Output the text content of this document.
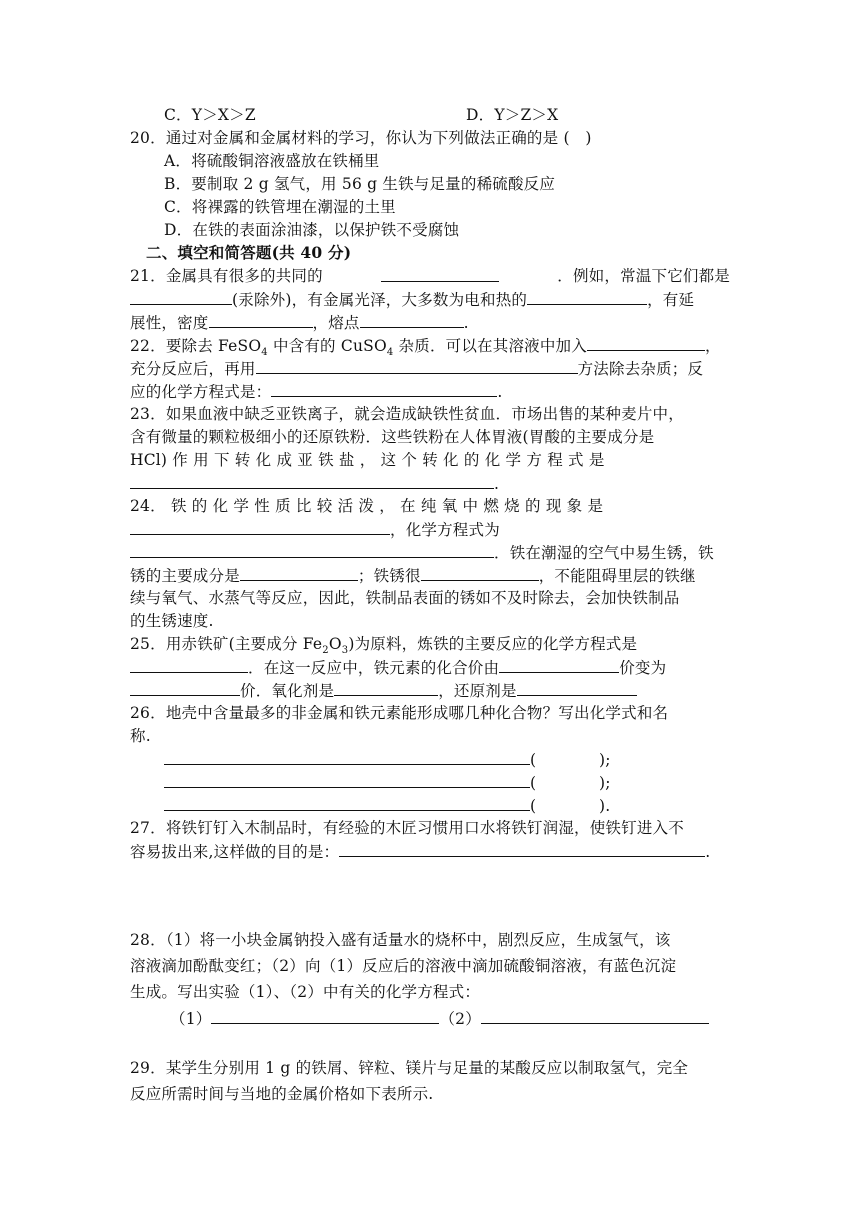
C．Y＞X＞Z	D．Y＞Z＞X
20．通过对金属和金属材料的学习，你认为下列做法正确的是 (　)
A．将硫酸铜溶液盛放在铁桶里
B．要制取 2 g 氢气，用 56 g 生铁与足量的稀硫酸反应
C．将裸露的铁管埋在潮湿的土里
D．在铁的表面涂油漆，以保护铁不受腐蚀
二、填空和简答题(共 40 分)
21．金属具有很多的共同的	．例如，常温下它们都是
(汞除外)，有金属光泽，大多数为电和热的	，有延
展性，密度	，熔点	.
22．要除去 FeSO$_4$ 中含有的 CuSO$_4$ 杂质．可以在其溶液中加入	，
充分反应后，再用	方法除去杂质；反
应的化学方程式是：	.
23．如果血液中缺乏亚铁离子，就会造成缺铁性贫血．市场出售的某种麦片中，
含有微量的颗粒极细小的还原铁粉．这些铁粉在人体胃液(胃酸的主要成分是
HCl) 作 用 下 转 化 成 亚 铁 盐 ， 这 个 转 化 的 化 学 方 程 式 是
.
24． 铁 的 化 学 性 质 比 较 活 泼 ， 在 纯 氧 中 燃 烧 的 现 象 是
，化学方程式为
．铁在潮湿的空气中易生锈，铁
锈的主要成分是	；铁锈很	，不能阻碍里层的铁继
续与氧气、水蒸气等反应，因此，铁制品表面的锈如不及时除去，会加快铁制品
的生锈速度.
25．用赤铁矿(主要成分 $Fe_2O_3$)为原料，炼铁的主要反应的化学方程式是
．在这一反应中，铁元素的化合价由	价变为
价．氧化剂是	，还原剂是
26．地壳中含量最多的非金属和铁元素能形成哪几种化合物？写出化学式和名
称.
(　　　　);
(　　　　);
(　　　　).
27．将铁钉钉入木制品时，有经验的木匠习惯用口水将铁钉润湿，使铁钉进入不
容易拔出来,这样做的目的是：	.
28．（1）将一小块金属钠投入盛有适量水的烧杯中，剧烈反应，生成氢气，该
溶液滴加酚酞变红；（2）向（1）反应后的溶液中滴加硫酸铜溶液，有蓝色沉淀
生成。写出实验（1）、（2）中有关的化学方程式：
（1）	（2）
29．某学生分别用 1 g 的铁屑、锌粒、镁片与足量的某酸反应以制取氢气，完全
反应所需时间与当地的金属价格如下表所示.
